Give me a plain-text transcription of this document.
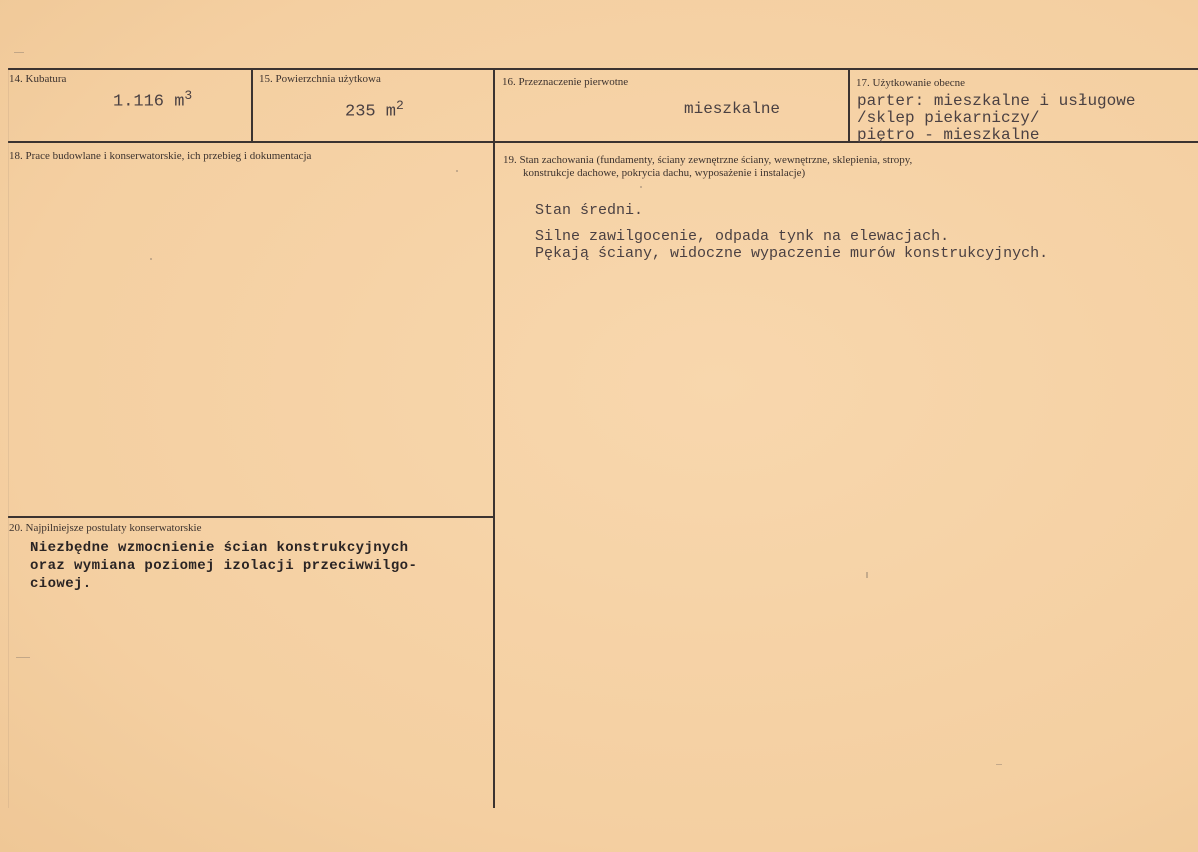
14. Kubatura
1.116 $m^3$
15. Powierzchnia użytkowa
235 $m^2$
16. Przeznaczenie pierwotne
mieszkalne
17. Użytkowanie obecne
parter: mieszkalne i usługowe
/sklep piekarniczy/
piętro - mieszkalne
18. Prace budowlane i konserwatorskie, ich przebieg i dokumentacja	19. Stan zachowania (fundamenty, ściany zewnętrzne ściany, wewnętrzne, sklepienia, stropy,
konstrukcje dachowe, pokrycia dachu, wyposażenie i instalacje)
Stan średni.
Silne zawilgocenie, odpada tynk na elewacjach.
Pękają ściany, widoczne wypaczenie murów konstrukcyjnych.
20. Najpilniejsze postulaty konserwatorskie
Niezbędne wzmocnienie ścian konstrukcyjnych
oraz wymiana poziomej izolacji przeciwwilgo-
ciowej.
